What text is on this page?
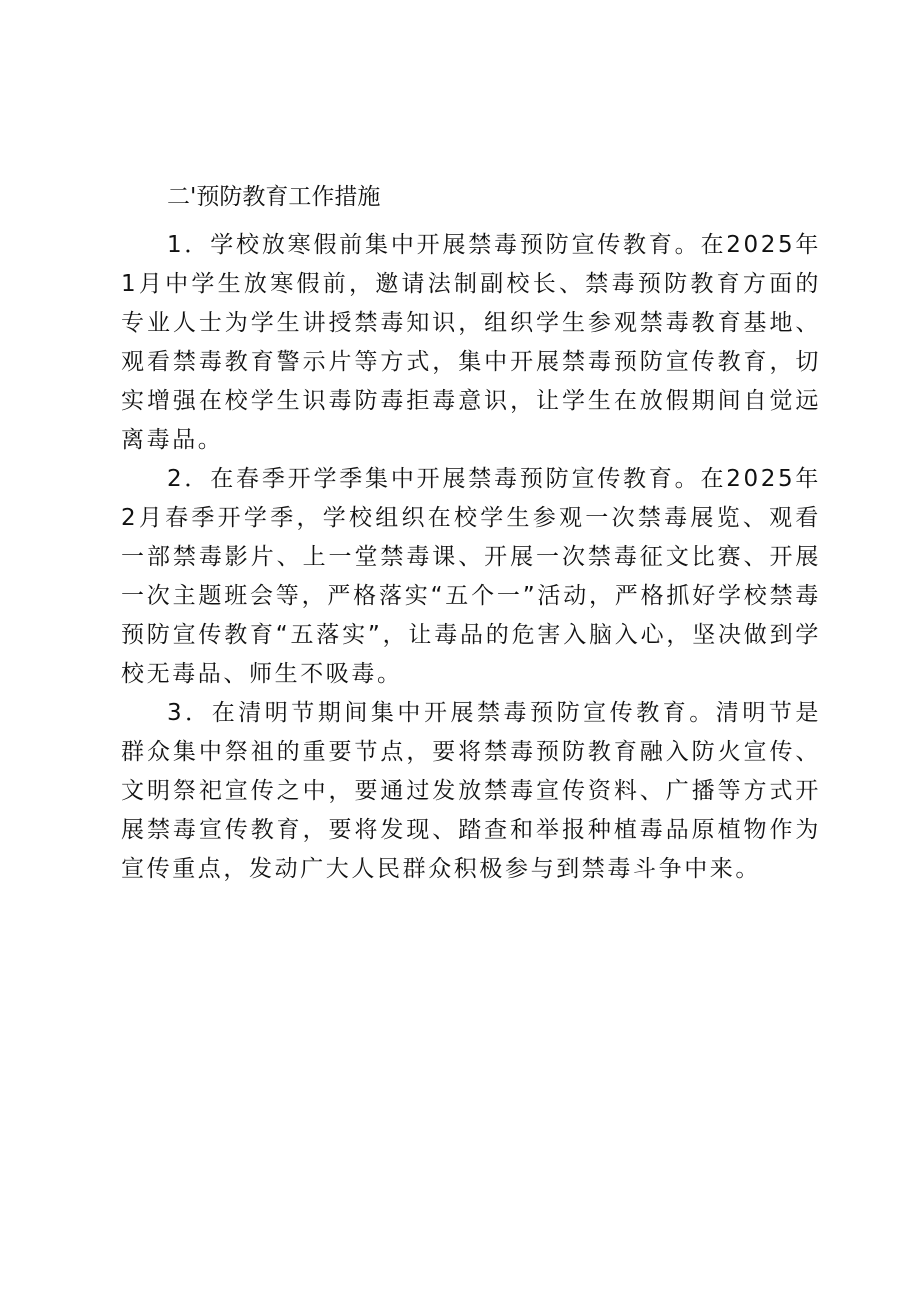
二'预防教育工作措施

1．学校放寒假前集中开展禁毒预防宣传教育。在2025年1月中学生放寒假前，邀请法制副校长、禁毒预防教育方面的专业人士为学生讲授禁毒知识，组织学生参观禁毒教育基地、观看禁毒教育警示片等方式，集中开展禁毒预防宣传教育，切实增强在校学生识毒防毒拒毒意识，让学生在放假期间自觉远离毒品。

2．在春季开学季集中开展禁毒预防宣传教育。在2025年2月春季开学季，学校组织在校学生参观一次禁毒展览、观看一部禁毒影片、上一堂禁毒课、开展一次禁毒征文比赛、开展一次主题班会等，严格落实“五个一”活动，严格抓好学校禁毒预防宣传教育“五落实”，让毒品的危害入脑入心，坚决做到学校无毒品、师生不吸毒。

3．在清明节期间集中开展禁毒预防宣传教育。清明节是群众集中祭祖的重要节点，要将禁毒预防教育融入防火宣传、文明祭祀宣传之中，要通过发放禁毒宣传资料、广播等方式开展禁毒宣传教育，要将发现、踏查和举报种植毒品原植物作为宣传重点，发动广大人民群众积极参与到禁毒斗争中来。
